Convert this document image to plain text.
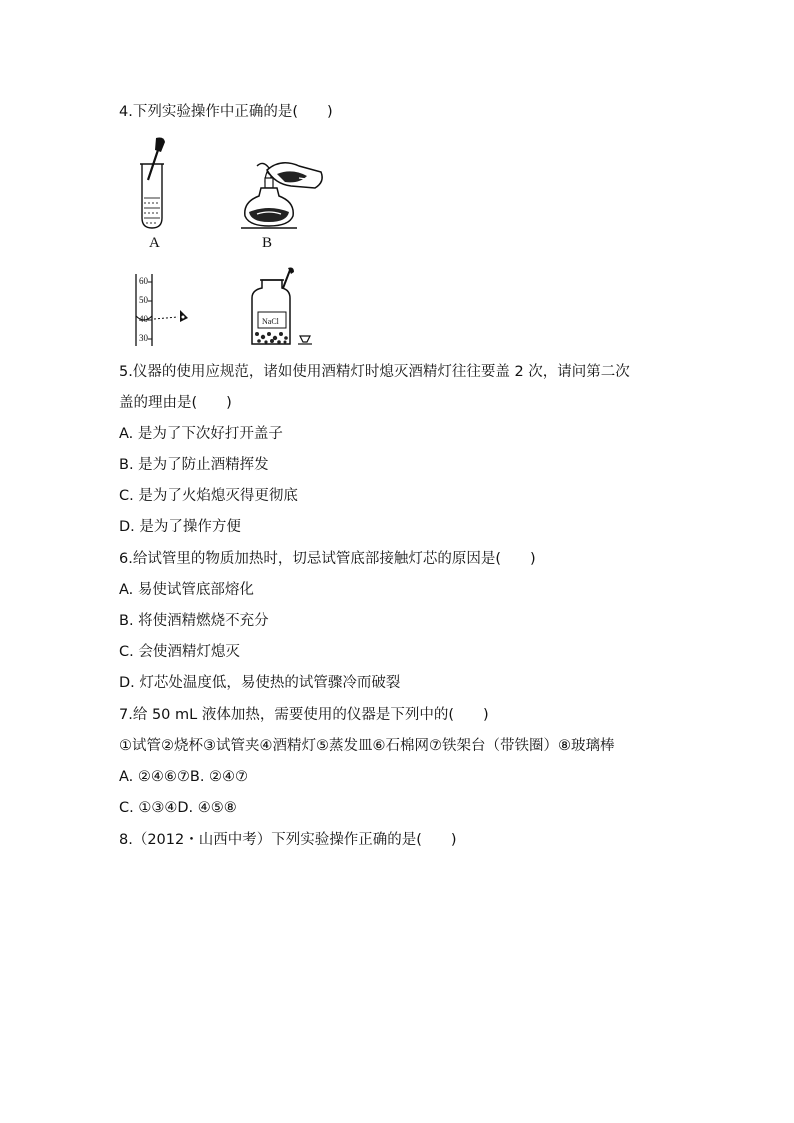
4.下列实验操作中正确的是(　　)
A	B
60
50
40
30
NaCl
5.仪器的使用应规范，诸如使用酒精灯时熄灭酒精灯往往要盖 2 次，请问第二次
盖的理由是(　　)
A. 是为了下次好打开盖子
B. 是为了防止酒精挥发
C. 是为了火焰熄灭得更彻底
D. 是为了操作方便
6.给试管里的物质加热时，切忌试管底部接触灯芯的原因是(　　)
A. 易使试管底部熔化
B. 将使酒精燃烧不充分
C. 会使酒精灯熄灭
D. 灯芯处温度低，易使热的试管骤冷而破裂
7.给 50 mL 液体加热，需要使用的仪器是下列中的(　　)
①试管②烧杯③试管夹④酒精灯⑤蒸发皿⑥石棉网⑦铁架台（带铁圈）⑧玻璃棒
A. ②④⑥⑦B. ②④⑦
C. ①③④D. ④⑤⑧
8.（2012・山西中考）下列实验操作正确的是(　　)
